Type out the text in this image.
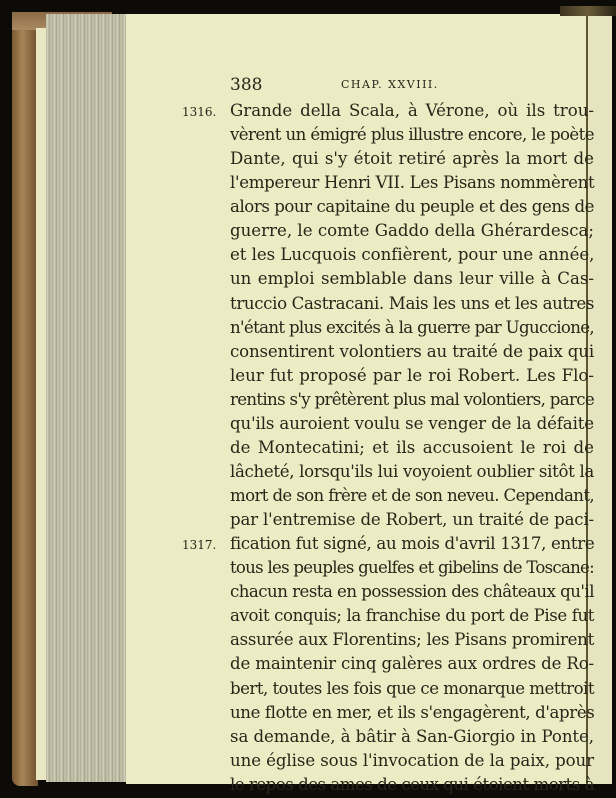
388	CHAP. XXVIII.
Grande della Scala, à Vérone, où ils trou-
1316.
vèrent un émigré plus illustre encore, le poète
Dante, qui s'y étoit retiré après la mort de
l'empereur Henri VII. Les Pisans nommèrent
alors pour capitaine du peuple et des gens de
guerre, le comte Gaddo della Ghérardesca;
et les Lucquois confièrent, pour une année,
un emploi semblable dans leur ville à Cas-
truccio Castracani. Mais les uns et les autres
n'étant plus excités à la guerre par Uguccione,
consentirent volontiers au traité de paix qui
leur fut proposé par le roi Robert. Les Flo-
rentins s'y prêtèrent plus mal volontiers, parce
qu'ils auroient voulu se venger de la défaite
de Montecatini; et ils accusoient le roi de
lâcheté, lorsqu'ils lui voyoient oublier sitôt la
mort de son frère et de son neveu. Cependant,
par l'entremise de Robert, un traité de paci-
fication fut signé, au mois d'avril 1317, entre
1317.
tous les peuples guelfes et gibelins de Toscane:
chacun resta en possession des châteaux qu'il
avoit conquis; la franchise du port de Pise fut
assurée aux Florentins; les Pisans promirent
de maintenir cinq galères aux ordres de Ro-
bert, toutes les fois que ce monarque mettroit
une flotte en mer, et ils s'engagèrent, d'après
sa demande, à bâtir à San-Giorgio in Ponte,
une église sous l'invocation de la paix, pour
le repos des ames de ceux qui étoient morts à
